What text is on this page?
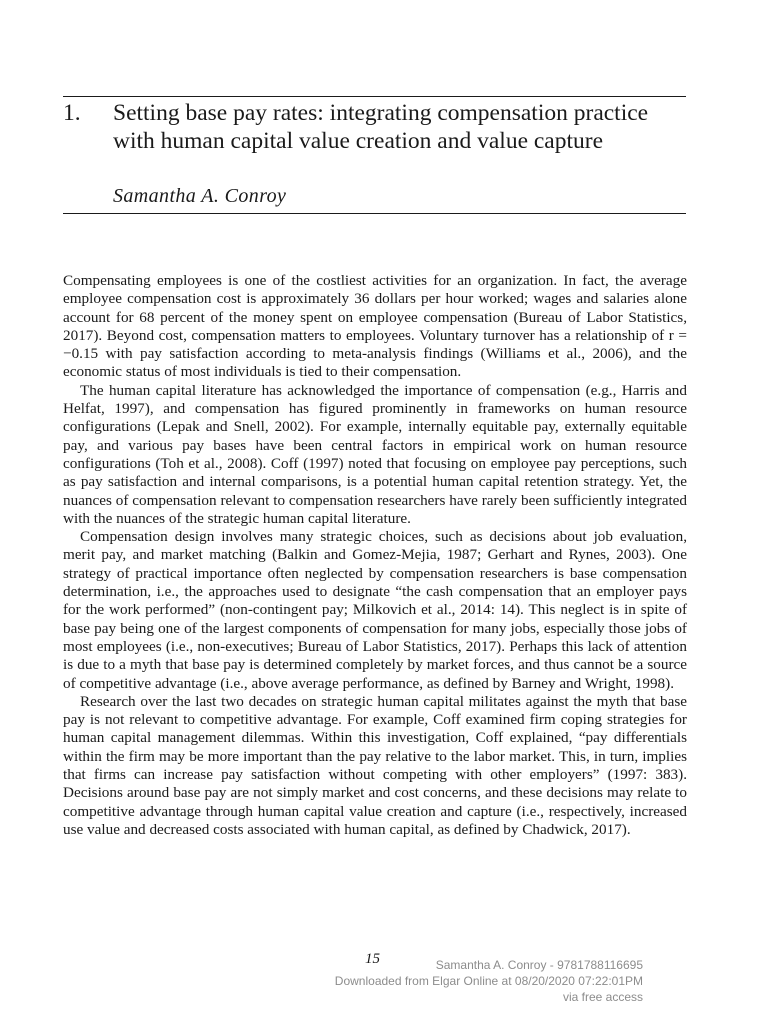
1. Setting base pay rates: integrating compensation practice with human capital value creation and value capture
Samantha A. Conroy

Compensating employees is one of the costliest activities for an organization. In fact, the average employee compensation cost is approximately 36 dollars per hour worked; wages and salaries alone account for 68 percent of the money spent on employee compensation (Bureau of Labor Statistics, 2017). Beyond cost, compensation matters to employees. Voluntary turnover has a relationship of r = −0.15 with pay satisfaction according to meta-analysis findings (Williams et al., 2006), and the economic status of most individuals is tied to their compensation.

The human capital literature has acknowledged the importance of compensation (e.g., Harris and Helfat, 1997), and compensation has figured prominently in frameworks on human resource configurations (Lepak and Snell, 2002). For example, internally equitable pay, externally equitable pay, and various pay bases have been central factors in empirical work on human resource configurations (Toh et al., 2008). Coff (1997) noted that focusing on employee pay perceptions, such as pay satisfaction and internal comparisons, is a potential human capital retention strategy. Yet, the nuances of compensation relevant to compensation researchers have rarely been sufficiently integrated with the nuances of the strategic human capital literature.

Compensation design involves many strategic choices, such as decisions about job evaluation, merit pay, and market matching (Balkin and Gomez-Mejia, 1987; Gerhart and Rynes, 2003). One strategy of practical importance often neglected by compensation researchers is base compensation determination, i.e., the approaches used to designate “the cash compensation that an employer pays for the work performed” (non-contingent pay; Milkovich et al., 2014: 14). This neglect is in spite of base pay being one of the largest components of compensation for many jobs, especially those jobs of most employees (i.e., non-executives; Bureau of Labor Statistics, 2017). Perhaps this lack of attention is due to a myth that base pay is determined completely by market forces, and thus cannot be a source of competitive advantage (i.e., above average performance, as defined by Barney and Wright, 1998).

Research over the last two decades on strategic human capital militates against the myth that base pay is not relevant to competitive advantage. For example, Coff examined firm coping strategies for human capital management dilemmas. Within this investigation, Coff explained, “pay differentials within the firm may be more important than the pay relative to the labor market. This, in turn, implies that firms can increase pay satisfaction without competing with other employers” (1997: 383). Decisions around base pay are not simply market and cost concerns, and these decisions may relate to competitive advantage through human capital value creation and capture (i.e., respectively, increased use value and decreased costs associated with human capital, as defined by Chadwick, 2017).

15	Samantha A. Conroy - 9781788116695
Downloaded from Elgar Online at 08/20/2020 07:22:01PM
via free access
